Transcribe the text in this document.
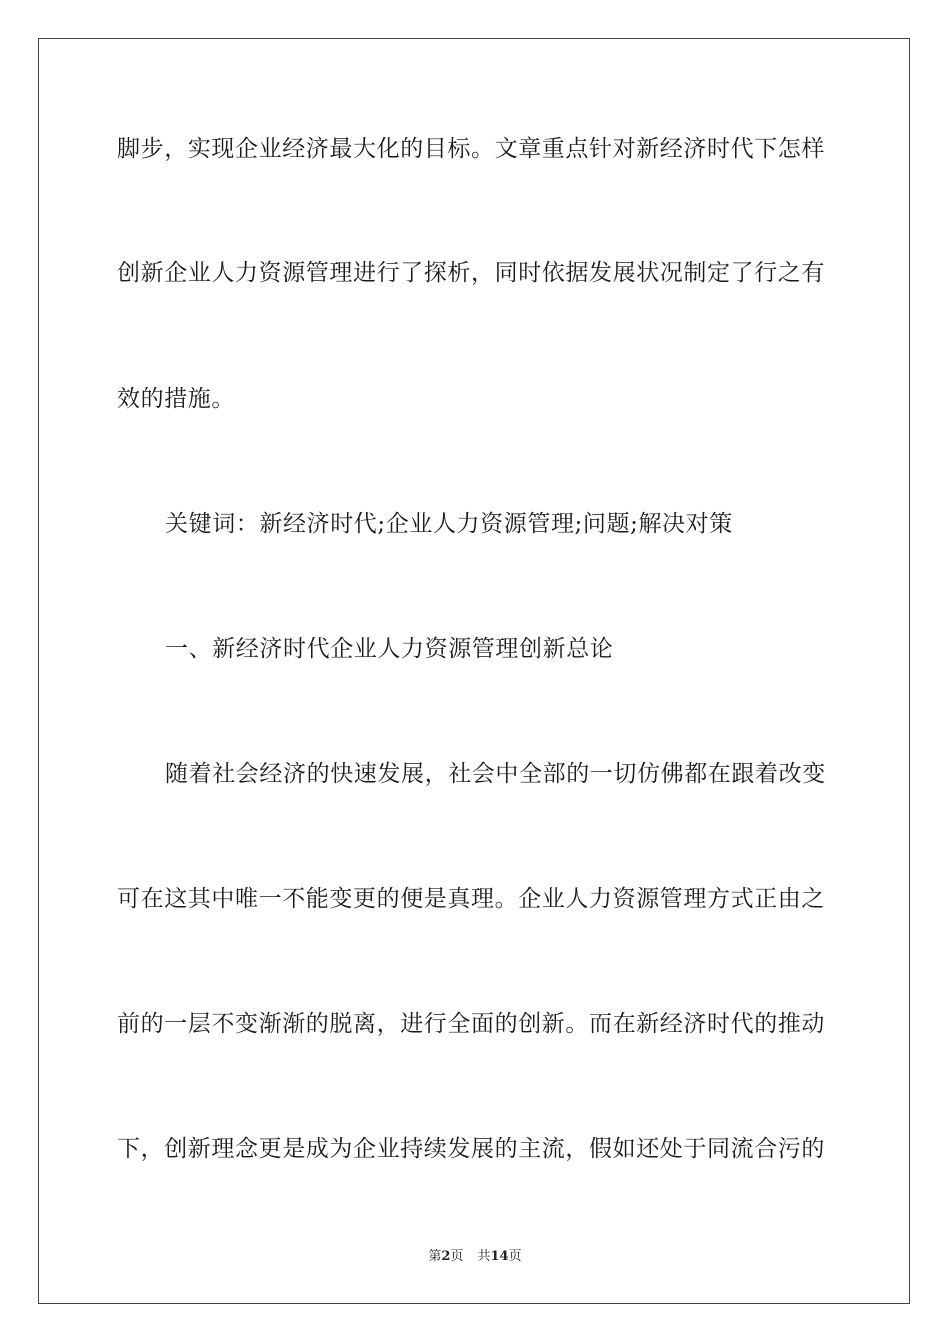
脚步，实现企业经济最大化的目标。文章重点针对新经济时代下怎样
创新企业人力资源管理进行了探析，同时依据发展状况制定了行之有
效的措施。
关键词：新经济时代;企业人力资源管理;问题;解决对策
一、新经济时代企业人力资源管理创新总论
随着社会经济的快速发展，社会中全部的一切仿佛都在跟着改变
可在这其中唯一不能变更的便是真理。企业人力资源管理方式正由之
前的一层不变渐渐的脱离，进行全面的创新。而在新经济时代的推动
下，创新理念更是成为企业持续发展的主流，假如还处于同流合污的
第2页 共14页
